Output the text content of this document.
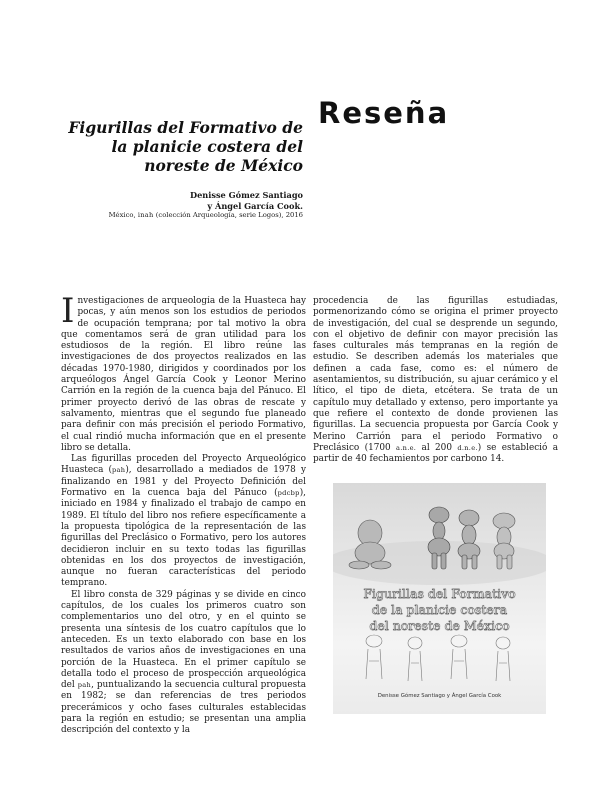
Reseña
Figurillas del Formativo de la planicie costera del noreste de México
Denisse Gómez Santiago
y Ángel García Cook.
México, inah (colección Arqueología, serie Logos), 2016

Investigaciones de arqueología de la Huasteca hay pocas, y aún menos son los estudios de periodos de ocupación temprana; por tal motivo la obra que comentamos será de gran utilidad para los estudiosos de la región. El libro reúne las investigaciones de dos proyectos realizados en las décadas 1970-1980, dirigidos y coordinados por los arqueólogos Ángel García Cook y Leonor Merino Carrión en la región de la cuenca baja del Pánuco. El primer proyecto derivó de las obras de rescate y salvamento, mientras que el segundo fue planeado para definir con más precisión el periodo Formativo, el cual rindió mucha información que en el presente libro se detalla.

Las figurillas proceden del Proyecto Arqueológico Huasteca (pah), desarrollado a mediados de 1978 y finalizando en 1981 y del Proyecto Definición del Formativo en la cuenca baja del Pánuco (pdcbp), iniciado en 1984 y finalizado el trabajo de campo en 1989. El título del libro nos refiere específicamente a la propuesta tipológica de la representación de las figurillas del Preclásico o Formativo, pero los autores decidieron incluir en su texto todas las figurillas obtenidas en los dos proyectos de investigación, aunque no fueran características del periodo temprano.

El libro consta de 329 páginas y se divide en cinco capítulos, de los cuales los primeros cuatro son complementarios uno del otro, y en el quinto se presenta una síntesis de los cuatro capítulos que lo anteceden. Es un texto elaborado con base en los resultados de varios años de investigaciones en una porción de la Huasteca. En el primer capítulo se detalla todo el proceso de prospección arqueológica del pah, puntualizando la secuencia cultural propuesta en 1982; se dan referencias de tres periodos precerámicos y ocho fases culturales establecidas para la región en estudio; se presentan una amplia descripción del contexto y la

procedencia de las figurillas estudiadas, pormenorizando cómo se origina el primer proyecto de investigación, del cual se desprende un segundo, con el objetivo de definir con mayor precisión las fases culturales más tempranas en la región de estudio. Se describen además los materiales que definen a cada fase, como es: el número de asentamientos, su distribución, su ajuar cerámico y el lítico, el tipo de dieta, etcétera. Se trata de un capítulo muy detallado y extenso, pero importante ya que refiere el contexto de donde provienen las figurillas. La secuencia propuesta por García Cook y Merino Carrión para el periodo Formativo o Preclásico (1700 a.n.e. al 200 d.n.e.) se estableció a partir de 40 fechamientos por carbono 14.

Figurillas del Formativo
de la planicie costera
del noreste de México
Denisse Gómez Santiago y Ángel García Cook
